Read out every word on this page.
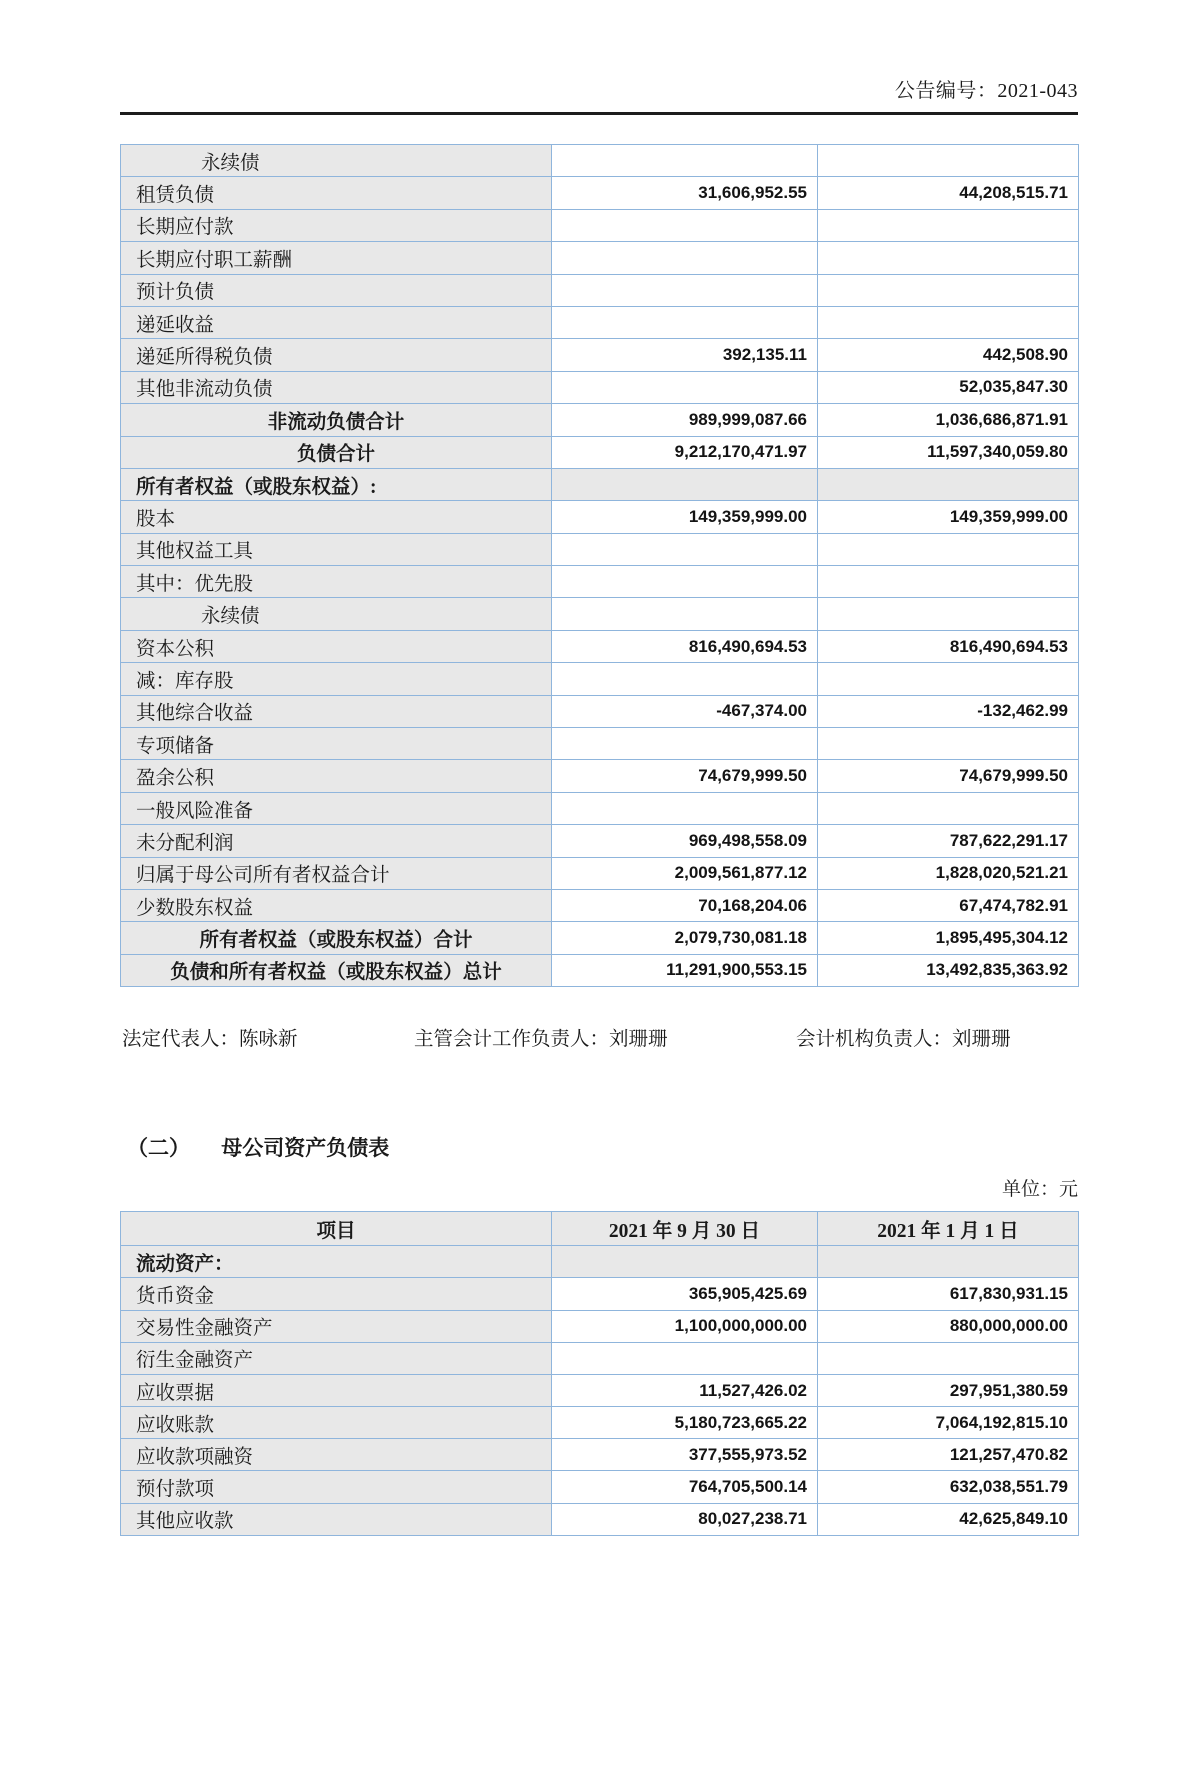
公告编号：2021-043
永续债		
租赁负债	31,606,952.55	44,208,515.71
长期应付款		
长期应付职工薪酬		
预计负债		
递延收益		
递延所得税负债	392,135.11	442,508.90
其他非流动负债		52,035,847.30
非流动负债合计	989,999,087.66	1,036,686,871.91
负债合计	9,212,170,471.97	11,597,340,059.80
所有者权益（或股东权益）:		
股本	149,359,999.00	149,359,999.00
其他权益工具		
其中：优先股		
永续债		
资本公积	816,490,694.53	816,490,694.53
减：库存股		
其他综合收益	-467,374.00	-132,462.99
专项储备		
盈余公积	74,679,999.50	74,679,999.50
一般风险准备		
未分配利润	969,498,558.09	787,622,291.17
归属于母公司所有者权益合计	2,009,561,877.12	1,828,020,521.21
少数股东权益	70,168,204.06	67,474,782.91
所有者权益（或股东权益）合计	2,079,730,081.18	1,895,495,304.12
负债和所有者权益（或股东权益）总计	11,291,900,553.15	13,492,835,363.92
法定代表人：陈咏新	主管会计工作负责人：刘珊珊	会计机构负责人：刘珊珊
（二） 母公司资产负债表
单位：元
项目	2021 年 9 月 30 日	2021 年 1 月 1 日
流动资产：		
货币资金	365,905,425.69	617,830,931.15
交易性金融资产	1,100,000,000.00	880,000,000.00
衍生金融资产		
应收票据	11,527,426.02	297,951,380.59
应收账款	5,180,723,665.22	7,064,192,815.10
应收款项融资	377,555,973.52	121,257,470.82
预付款项	764,705,500.14	632,038,551.79
其他应收款	80,027,238.71	42,625,849.10
